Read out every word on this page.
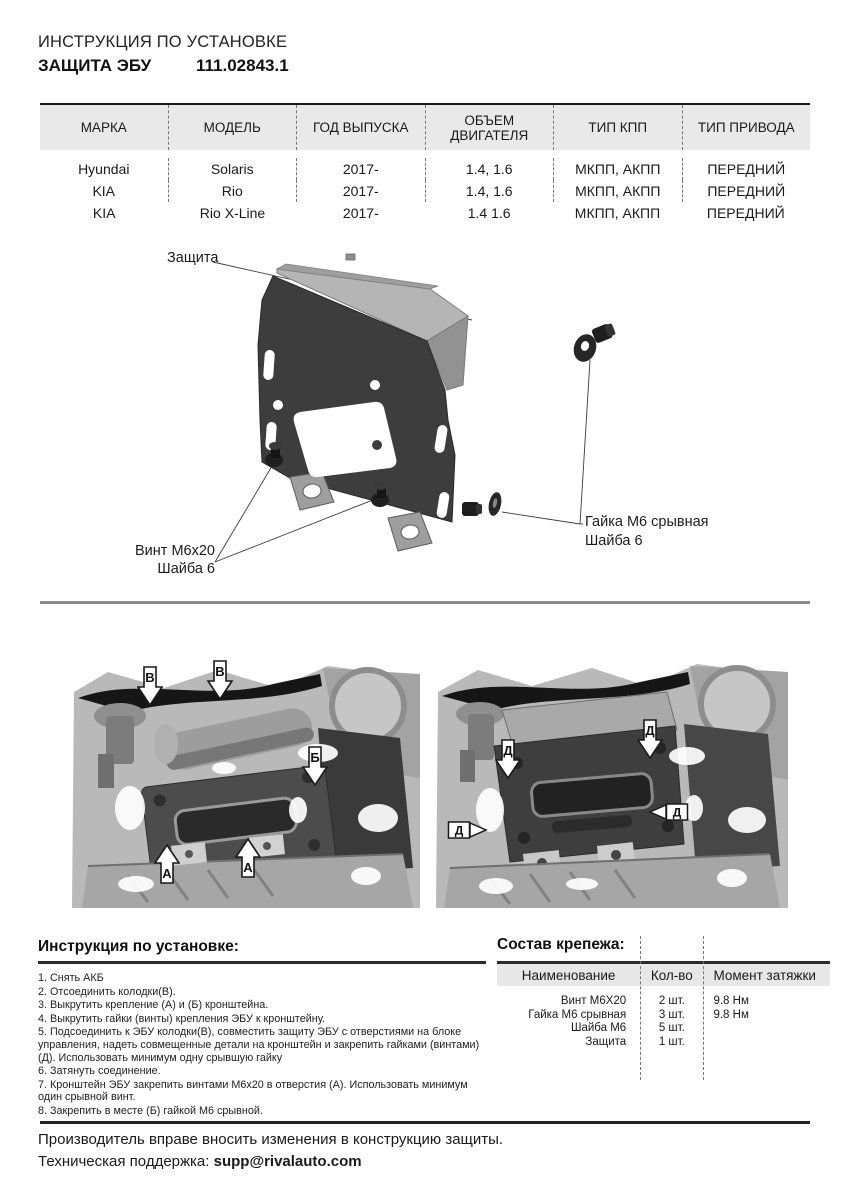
ИНСТРУКЦИЯ ПО УСТАНОВКЕ
ЗАЩИТА ЭБУ	111.02843.1
МАРКА	МОДЕЛЬ	ГОД ВЫПУСКА	ОБЪЕМ ДВИГАТЕЛЯ	ТИП КПП	ТИП ПРИВОДА
Hyundai	Solaris	2017-	1.4, 1.6	МКПП, АКПП	ПЕРЕДНИЙ
KIA	Rio	2017-	1.4, 1.6	МКПП, АКПП	ПЕРЕДНИЙ
KIA	Rio X-Line	2017-	1.4 1.6	МКПП, АКПП	ПЕРЕДНИЙ
Защита
Винт М6х20
Шайба 6
Гайка М6 срывная
Шайба 6
В	В
Б
А	А
Д
Д
Д
Д
Инструкция по установке:
1. Снять АКБ
2. Отсоединить колодки(В).
3. Выкрутить крепление (А) и (Б) кронштейна.
4. Выкрутить гайки (винты) крепления ЭБУ к кронштейну.
5. Подсоединить к ЭБУ колодки(В), совместить защиту ЭБУ с отверстиями на блоке управления, надеть совмещенные детали на кронштейн и закрепить гайками (винтами)(Д). Использовать минимум одну срывшую гайку
6. Затянуть соединение.
7. Кронштейн ЭБУ закрепить винтами М6х20 в отверстия (А). Использовать минимум один срывной винт.
8. Закрепить в месте (Б) гайкой М6 срывной.
Состав крепежа:
Наименование	Кол-во	Момент затяжки
Винт М6X20	2 шт.	9.8 Нм
Гайка М6 срывная	3 шт.	9.8 Нм
Шайба М6	5 шт.
Защита	1 шт.
Производитель вправе вносить изменения в конструкцию защиты.
Техническая поддержка: supp@rivalauto.com
